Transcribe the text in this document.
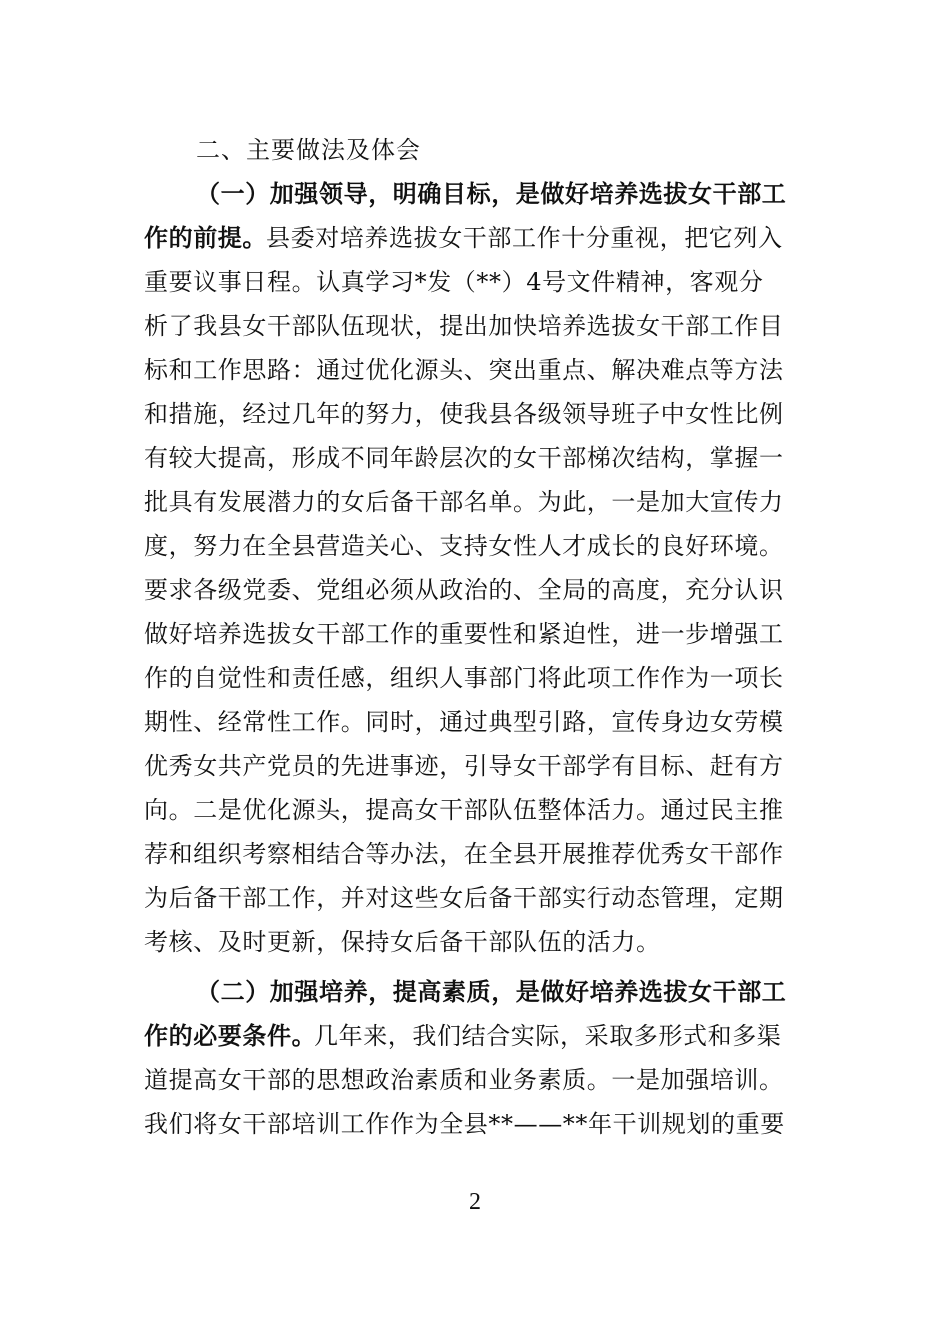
二、主要做法及体会
（一）加强领导，明确目标，是做好培养选拔女干部工
作的前提。 县委对培养选拔女干部工作十分重视，把它列入
重要议事日程。认真学习*发（**）4号文件精神，客观分
析了我县女干部队伍现状，提出加快培养选拔女干部工作目
标和工作思路：通过优化源头、突出重点、解决难点等方法
和措施，经过几年的努力，使我县各级领导班子中女性比例
有较大提高，形成不同年龄层次的女干部梯次结构，掌握一
批具有发展潜力的女后备干部名单。为此，一是加大宣传力
度，努力在全县营造关心、支持女性人才成长的良好环境。
要求各级党委、党组必须从政治的、全局的高度，充分认识
做好培养选拔女干部工作的重要性和紧迫性，进一步增强工
作的自觉性和责任感，组织人事部门将此项工作作为一项长
期性、经常性工作。同时，通过典型引路，宣传身边女劳模
优秀女共产党员的先进事迹，引导女干部学有目标、赶有方
向。二是优化源头，提高女干部队伍整体活力。通过民主推
荐和组织考察相结合等办法，在全县开展推荐优秀女干部作
为后备干部工作，并对这些女后备干部实行动态管理，定期
考核、及时更新，保持女后备干部队伍的活力。
（二）加强培养，提高素质，是做好培养选拔女干部工
作的必要条件。
几年来，我们结合实际，采取多形式和多渠
道提高女干部的思想政治素质和业务素质。一是加强培训。
我们将女干部培训工作作为全县**——**年干训规划的重要
2
